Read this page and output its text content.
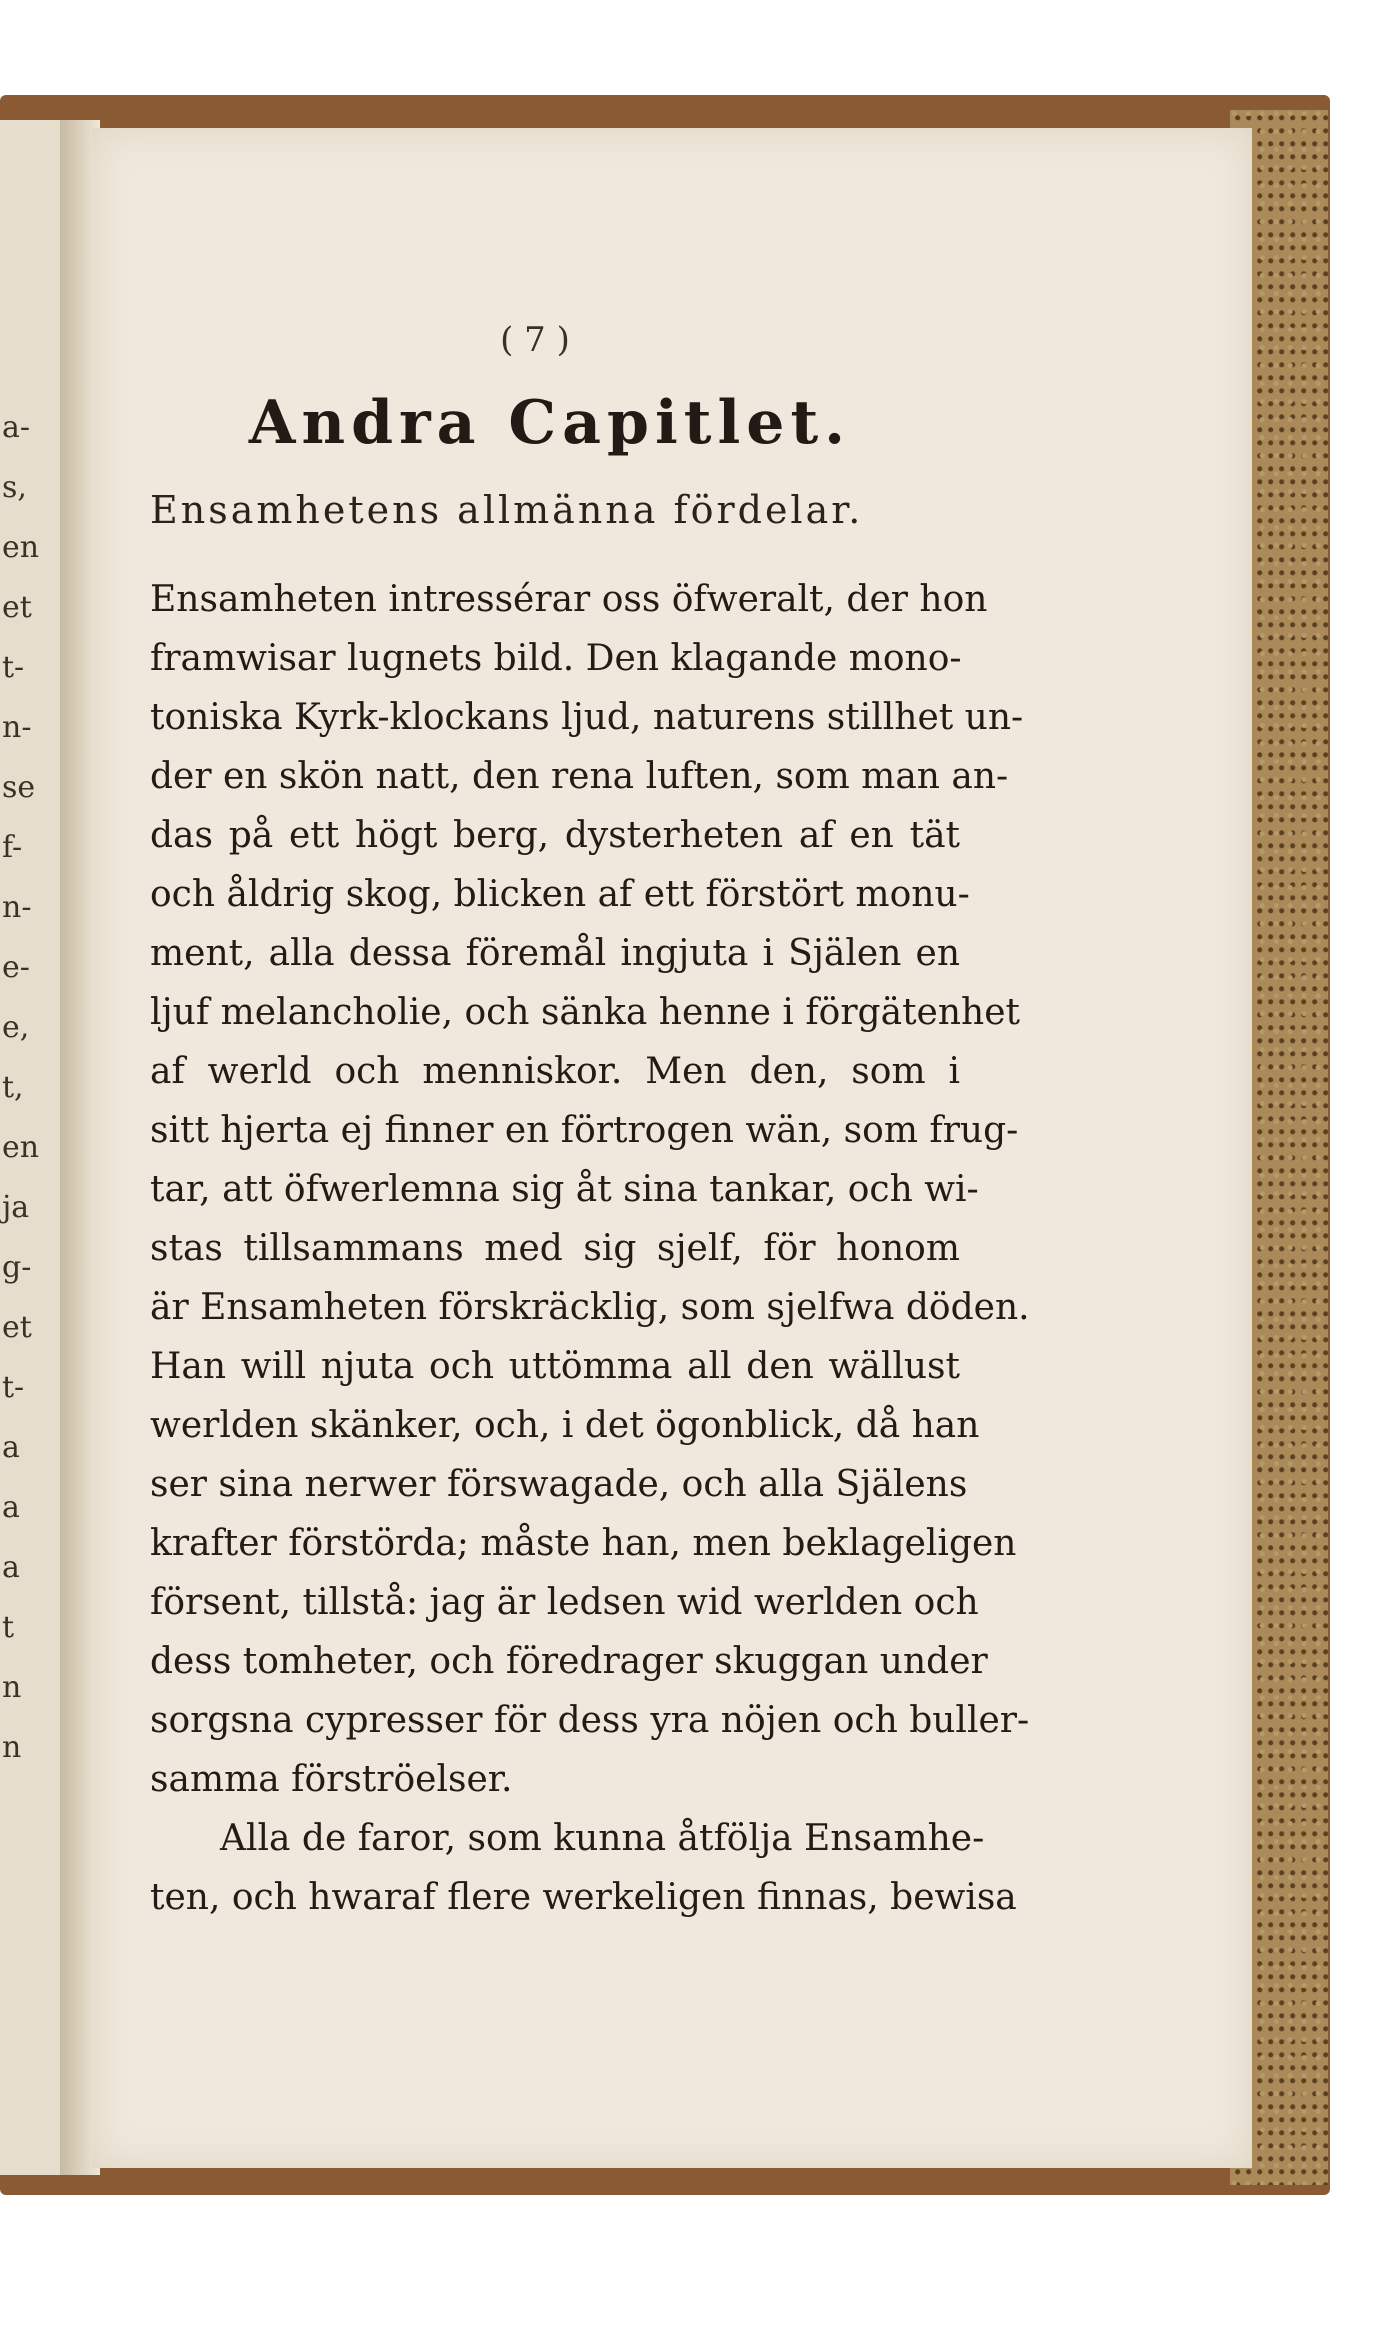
a-
s,
en
et
t-
n-
se
f-
n-
e-
e,
t,
en
ja
g-
et
t-
a
a
a
t
n
n
( 7 )
Andra Capitlet.
Ensamhetens allmänna fördelar.
Ensamheten intressérar oss öfweralt, der hon
framwisar lugnets bild. Den klagande mono-
toniska Kyrk-klockans ljud, naturens stillhet un-
der en skön natt, den rena luften, som man an-
das på ett högt berg, dysterheten af en tät
och åldrig skog, blicken af ett förstört monu-
ment, alla dessa föremål ingjuta i Själen en
ljuf melancholie, och sänka henne i förgätenhet
af werld och menniskor. Men den, som i
sitt hjerta ej finner en förtrogen wän, som frug-
tar, att öfwerlemna sig åt sina tankar, och wi-
stas tillsammans med sig sjelf, för honom
är Ensamheten förskräcklig, som sjelfwa döden.
Han will njuta och uttömma all den wällust
werlden skänker, och, i det ögonblick, då han
ser sina nerwer förswagade, och alla Själens
krafter förstörda; måste han, men beklageligen
försent, tillstå: jag är ledsen wid werlden och
dess tomheter, och föredrager skuggan under
sorgsna cypresser för dess yra nöjen och buller-
samma förströelser.
Alla de faror, som kunna åtfölja Ensamhe-
ten, och hwaraf flere werkeligen finnas, bewisa
